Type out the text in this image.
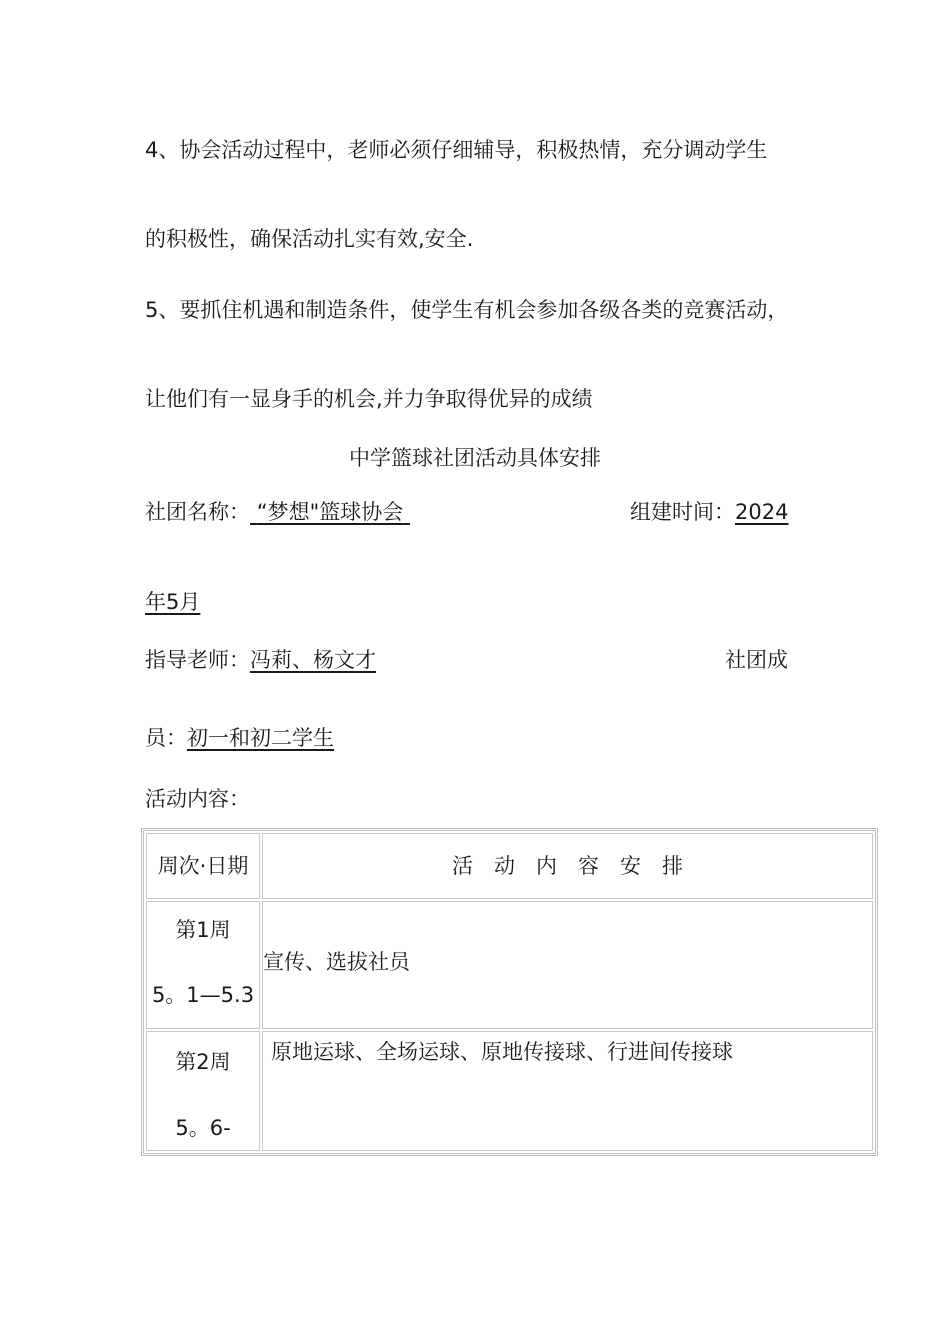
4、协会活动过程中，老师必须仔细辅导，积极热情，充分调动学生
的积极性，确保活动扎实有效,安全.
5、要抓住机遇和制造条件，使学生有机会参加各级各类的竞赛活动，
让他们有一显身手的机会,并力争取得优异的成绩
中学篮球社团活动具体安排
社团名称： “梦想"篮球协会	组建时间：2024
年5月
指导老师：冯莉、杨文才	社团成
员：初一和初二学生
活动内容：
周次·日期	活　动　内　容　安　排

第1周
5。1—5.3	宣传、选拔社员

第2周
5。6-	原地运球、全场运球、原地传接球、行进间传接球
